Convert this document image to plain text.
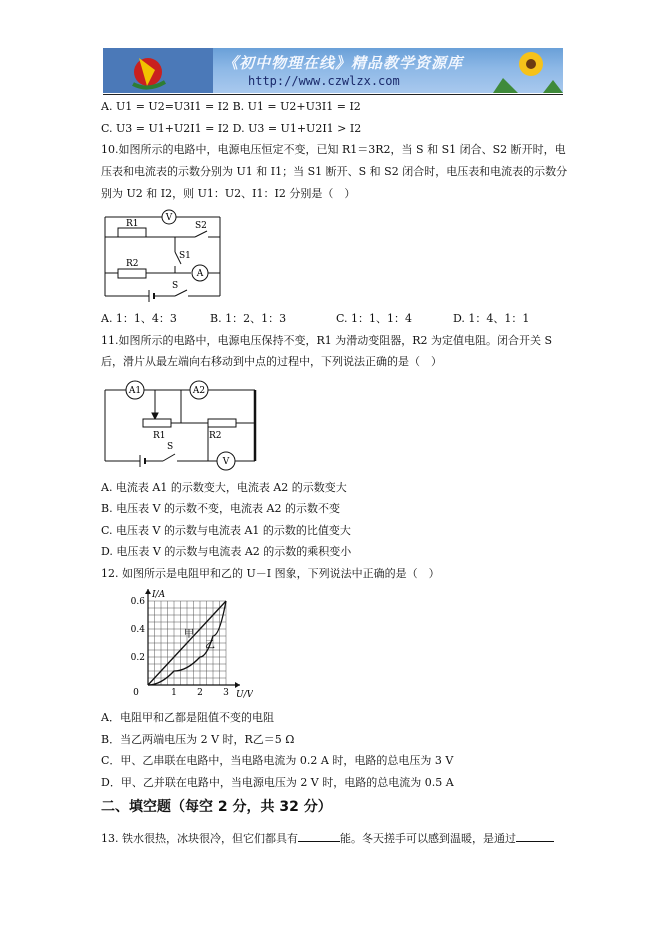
《初中物理在线》精品教学资源库
http://www.czwlzx.com
A. U1 = U2=U3I1 = I2 B. U1 = U2+U3I1 = I2
C. U3 = U1+U2I1 = I2 D. U3 = U1+U2I1 > I2
10.如图所示的电路中，电源电压恒定不变，已知 R1＝3R2，当 S 和 S1 闭合、S2 断开时，电
压表和电流表的示数分别为 U1 和 I1；当 S1 断开、S 和 S2 闭合时，电压表和电流表的示数分
别为 U2 和 I2，则 U1：U2、I1：I2 分别是（　）
V
R1	S2
S1
R2
A
S
A. 1：1、4：3	B. 1：2、1：3	C. 1：1、1：4	D. 1：4、1：1
11.如图所示的电路中，电源电压保持不变，R1 为滑动变阻器，R2 为定值电阻。闭合开关 S
后，滑片从最左端向右移动到中点的过程中，下列说法正确的是（　）
A1	A2
R1	R2
S
V
A. 电流表 A1 的示数变大，电流表 A2 的示数变大
B. 电压表 V 的示数不变，电流表 A2 的示数不变
C. 电压表 V 的示数与电流表 A1 的示数的比值变大
D. 电压表 V 的示数与电流表 A2 的示数的乘积变小
12. 如图所示是电阻甲和乙的 U－I 图象，下列说法中正确的是（　）
0	1 2 3
0.2
0.4
0.6
U/V
I/A
甲
乙
A．电阻甲和乙都是阻值不变的电阻
B．当乙两端电压为 2 V 时，R乙＝5 Ω
C．甲、乙串联在电路中，当电路电流为 0.2 A 时，电路的总电压为 3 V
D．甲、乙并联在电路中，当电源电压为 2 V 时，电路的总电流为 0.5 A
二、填空题（每空 2 分，共 32 分）
13. 铁水很热，冰块很冷，但它们都具有	能。冬天搓手可以感到温暖，是通过
